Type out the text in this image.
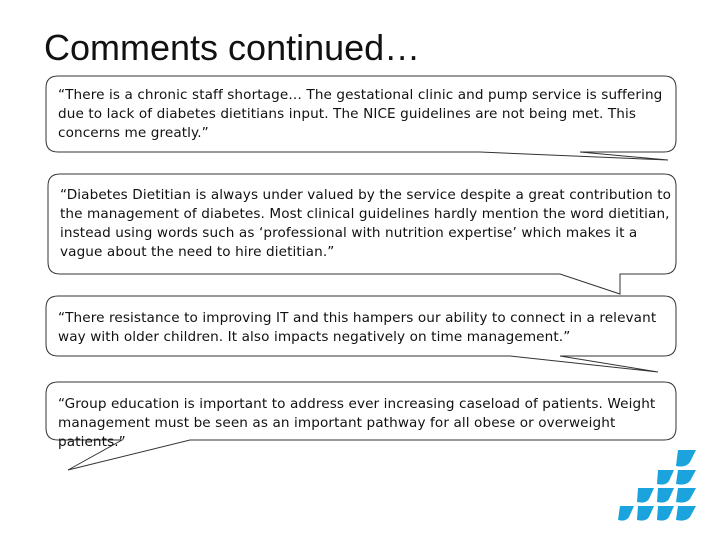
Comments continued…
“There is a chronic staff shortage… The gestational clinic and pump service is suffering due to lack of diabetes dietitians input. The NICE guidelines are not being met. This concerns me greatly.”
“Diabetes Dietitian is always under valued by the service despite a great contribution to the management of diabetes. Most clinical guidelines hardly mention the word dietitian, instead using words such as ‘professional with nutrition expertise’ which makes it a vague about the need to hire dietitian.”
“There resistance to improving IT and this hampers our ability to connect in a relevant way with older children. It also impacts negatively on time management.”
“Group education is important to address ever increasing caseload of patients. Weight management must be seen as an important pathway for all obese or overweight patients.”
